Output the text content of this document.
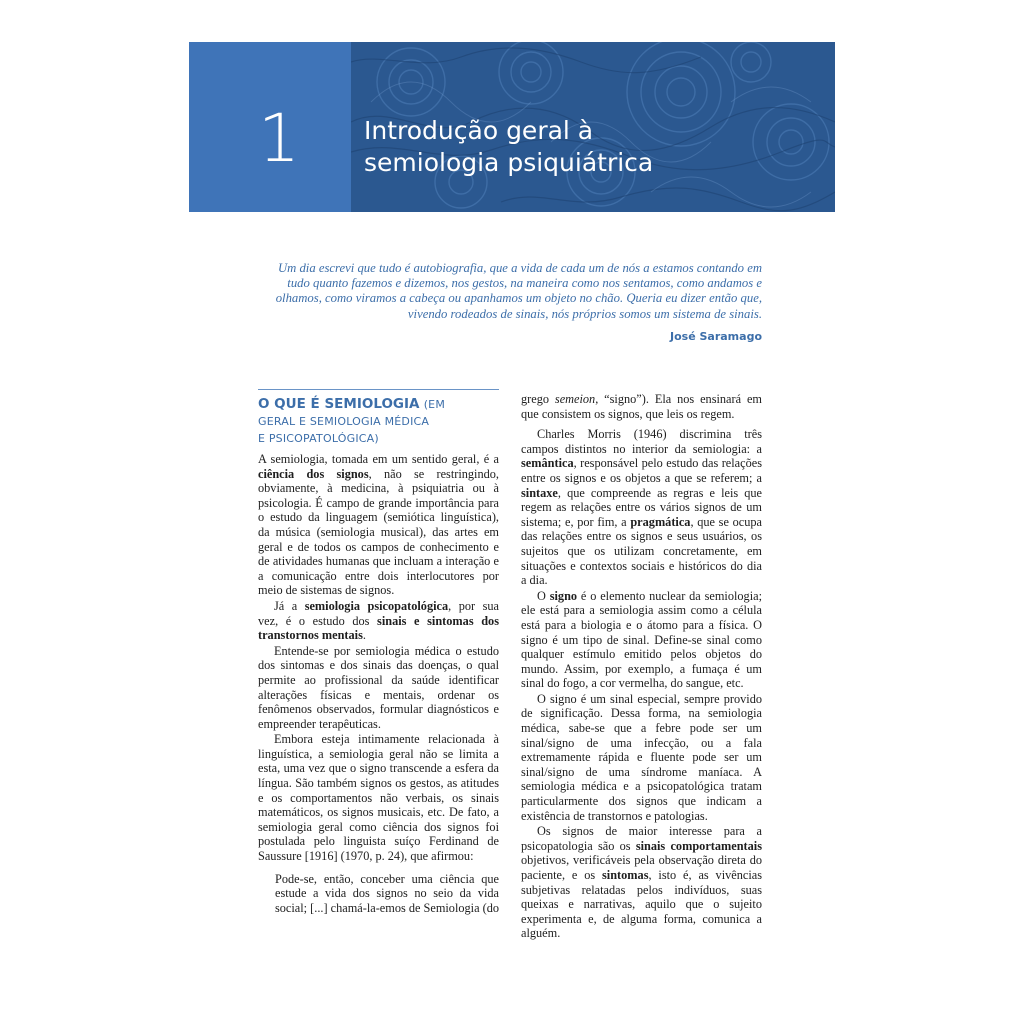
1	Introdução geral à
semiologia psiquiátrica
Um dia escrevi que tudo é autobiografia, que a vida de cada um de nós a estamos contando em tudo quanto fazemos e dizemos, nos gestos, na maneira como nos sentamos, como andamos e olhamos, como viramos a cabeça ou apanhamos um objeto no chão. Queria eu dizer então que, vivendo rodeados de sinais, nós próprios somos um sistema de sinais.
José Saramago
O QUE É SEMIOLOGIA (EM
GERAL E SEMIOLOGIA MÉDICA
E PSICOPATOLÓGICA)

A semiologia, tomada em um sentido geral, é a ciência dos signos, não se restringindo, obviamente, à medicina, à psiquiatria ou à psicologia. É campo de grande importância para o estudo da linguagem (semiótica linguística), da música (semiologia musical), das artes em geral e de todos os campos de conhecimento e de atividades humanas que incluam a interação e a comunicação entre dois interlocutores por meio de sistemas de signos.

Já a semiologia psicopatológica, por sua vez, é o estudo dos sinais e sintomas dos transtornos mentais.

Entende-se por semiologia médica o estudo dos sintomas e dos sinais das doenças, o qual permite ao profissional da saúde identificar alterações físicas e mentais, ordenar os fenômenos observados, formular diagnósticos e empreender terapêuticas.

Embora esteja intimamente relacionada à linguística, a semiologia geral não se limita a esta, uma vez que o signo transcende a esfera da língua. São também signos os gestos, as atitudes e os comportamentos não verbais, os sinais matemáticos, os signos musicais, etc. De fato, a semiologia geral como ciência dos signos foi postulada pelo linguista suíço Ferdinand de Saussure [1916] (1970, p. 24), que afirmou:

Pode-se, então, conceber uma ciência que estude a vida dos signos no seio da vida social; [...] chamá-la-emos de Semiologia (do

grego semeion, “signo”). Ela nos ensinará em que consistem os signos, que leis os regem.

Charles Morris (1946) discrimina três campos distintos no interior da semiologia: a semântica, responsável pelo estudo das relações entre os signos e os objetos a que se referem; a sintaxe, que compreende as regras e leis que regem as relações entre os vários signos de um sistema; e, por fim, a pragmática, que se ocupa das relações entre os signos e seus usuários, os sujeitos que os utilizam concretamente, em situações e contextos sociais e históricos do dia a dia.

O signo é o elemento nuclear da semiologia; ele está para a semiologia assim como a célula está para a biologia e o átomo para a física. O signo é um tipo de sinal. Define-se sinal como qualquer estímulo emitido pelos objetos do mundo. Assim, por exemplo, a fumaça é um sinal do fogo, a cor vermelha, do sangue, etc.

O signo é um sinal especial, sempre provido de significação. Dessa forma, na semiologia médica, sabe-se que a febre pode ser um sinal/signo de uma infecção, ou a fala extremamente rápida e fluente pode ser um sinal/signo de uma síndrome maníaca. A semiologia médica e a psicopatológica tratam particularmente dos signos que indicam a existência de transtornos e patologias.

Os signos de maior interesse para a psicopatologia são os sinais comportamentais objetivos, verificáveis pela observação direta do paciente, e os sintomas, isto é, as vivências subjetivas relatadas pelos indivíduos, suas queixas e narrativas, aquilo que o sujeito experimenta e, de alguma forma, comunica a alguém.
